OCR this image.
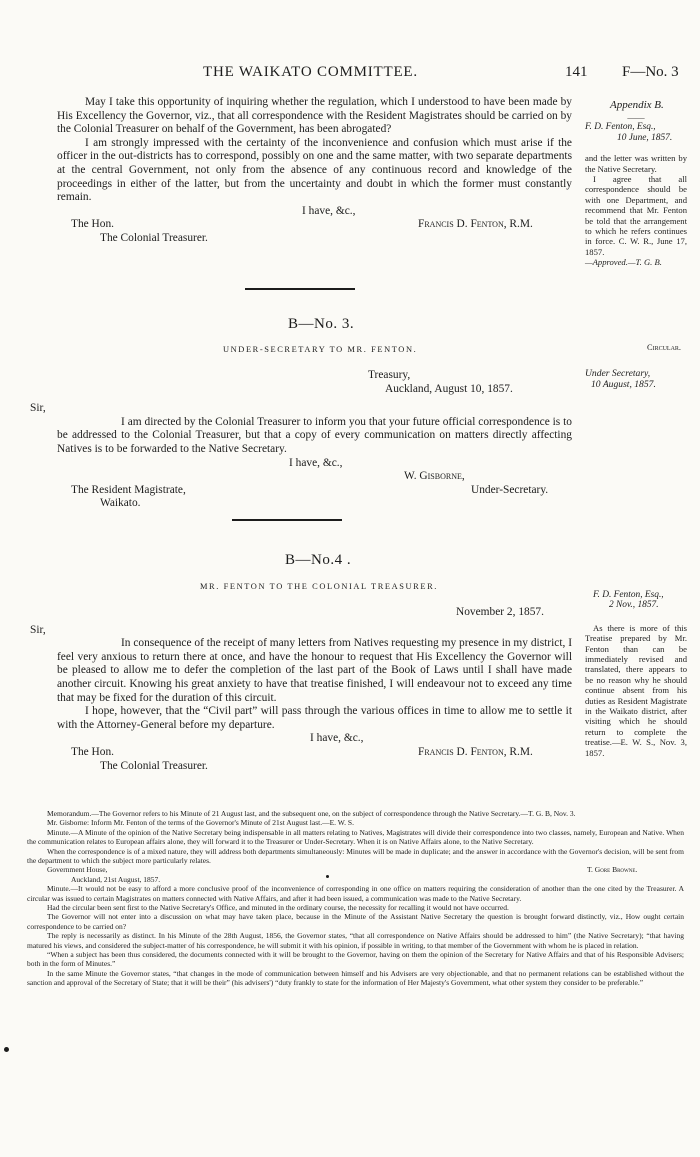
THE WAIKATO COMMITTEE.	141 F—No. 3

May I take this opportunity of inquiring whether the regulation, which I understood to have been made by His Excellency the Governor, viz., that all correspondence with the Resident Magistrates should be carried on by the Colonial Treasurer on behalf of the Government, has been abrogated?

I am strongly impressed with the certainty of the inconvenience and confusion which must arise if the officer in the out-districts has to correspond, possibly on one and the same matter, with two separate departments at the central Government, not only from the absence of any continuous record and knowledge of the proceedings in either of the latter, but from the uncertainty and doubt in which the former must constantly remain.

I have, &c.,

The Hon.	Francis D. Fenton, R.M.

The Colonial Treasurer.

Appendix B.

——

F. D. Fenton, Esq.,

10 June, 1857.

and the letter was written by the Native Secretary.

I agree that all correspondence should be with one Department, and recommend that Mr. Fenton be told that the arrangement to which he refers continues in force. C. W. R., June 17, 1857.

—Approved.—T. G. B.

B—No. 3.
UNDER-SECRETARY TO MR. FENTON.

Treasury,

Auckland, August 10, 1857.

Sir,

I am directed by the Colonial Treasurer to inform you that your future official correspondence is to be addressed to the Colonial Treasurer, but that a copy of every communication on matters directly affecting Natives is to be forwarded to the Native Secretary.

I have, &c.,

W. Gisborne,

The Resident Magistrate,	Under-Secretary.

Waikato.

Circular.

Under Secretary,

10 August, 1857.

B—No.4 .
MR. FENTON TO THE COLONIAL TREASURER.

November 2, 1857.

Sir,

In consequence of the receipt of many letters from Natives requesting my presence in my district, I feel very anxious to return there at once, and have the honour to request that His Excellency the Governor will be pleased to allow me to defer the completion of the last part of the Book of Laws until I shall have made another circuit. Knowing his great anxiety to have that treatise finished, I will endeavour not to exceed any time that may be fixed for the duration of this circuit.

I hope, however, that the “Civil part” will pass through the various offices in time to allow me to settle it with the Attorney-General before my departure.

I have, &c.,

The Hon.	Francis D. Fenton, R.M.

The Colonial Treasurer.

F. D. Fenton, Esq.,

2 Nov., 1857.

As there is more of this Treatise prepared by Mr. Fenton than can be immediately revised and translated, there appears to be no reason why he should continue absent from his duties as Resident Magistrate in the Waikato district, after visiting which he should return to complete the treatise.—E. W. S., Nov. 3, 1857.

Memorandum.—The Governor refers to his Minute of 21 August last, and the subsequent one, on the subject of correspondence through the Native Secretary.—T. G. B, Nov. 3.

Mr. Gisborne: Inform Mr. Fenton of the terms of the Governor's Minute of 21st August last.—E. W. S.

Minute.—A Minute of the opinion of the Native Secretary being indispensable in all matters relating to Natives, Magistrates will divide their correspondence into two classes, namely, European and Native. When the communication relates to European affairs alone, they will forward it to the Treasurer or Under-Secretary. When it is on Native Affairs alone, to the Native Secretary.

When the correspondence is of a mixed nature, they will address both departments simultaneously: Minutes will be made in duplicate; and the answer in accordance with the Governor's decision, will be sent from the department to which the subject more particularly relates.

Government House,	T. Gore Browne.

Auckland, 21st August, 1857.

Minute.—It would not be easy to afford a more conclusive proof of the inconvenience of corresponding in one office on matters requiring the consideration of another than the one cited by the Treasurer. A circular was issued to certain Magistrates on matters connected with Native Affairs, and after it had been issued, a communication was made to the Native Secretary.

Had the circular been sent first to the Native Secretary's Office, and minuted in the ordinary course, the necessity for recalling it would not have occurred.

The Governor will not enter into a discussion on what may have taken place, because in the Minute of the Assistant Native Secretary the question is brought forward distinctly, viz., How ought certain correspondence to be carried on?

The reply is necessarily as distinct. In his Minute of the 28th August, 1856, the Governor states, “that all correspondence on Native Affairs should be addressed to him” (the Native Secretary); “that having matured his views, and considered the subject-matter of his correspondence, he will submit it with his opinion, if possible in writing, to that member of the Government with whom he is placed in relation.

“When a subject has been thus considered, the documents connected with it will be brought to the Governor, having on them the opinion of the Secretary for Native Affairs and that of his Responsible Advisers; both in the form of Minutes.”

In the same Minute the Governor states, “that changes in the mode of communication between himself and his Advisers are very objectionable, and that no permanent relations can be established without the sanction and approval of the Secretary of State; that it will be their” (his advisers') “duty frankly to state for the information of Her Majesty's Government, what other system they consider to be preferable.”
